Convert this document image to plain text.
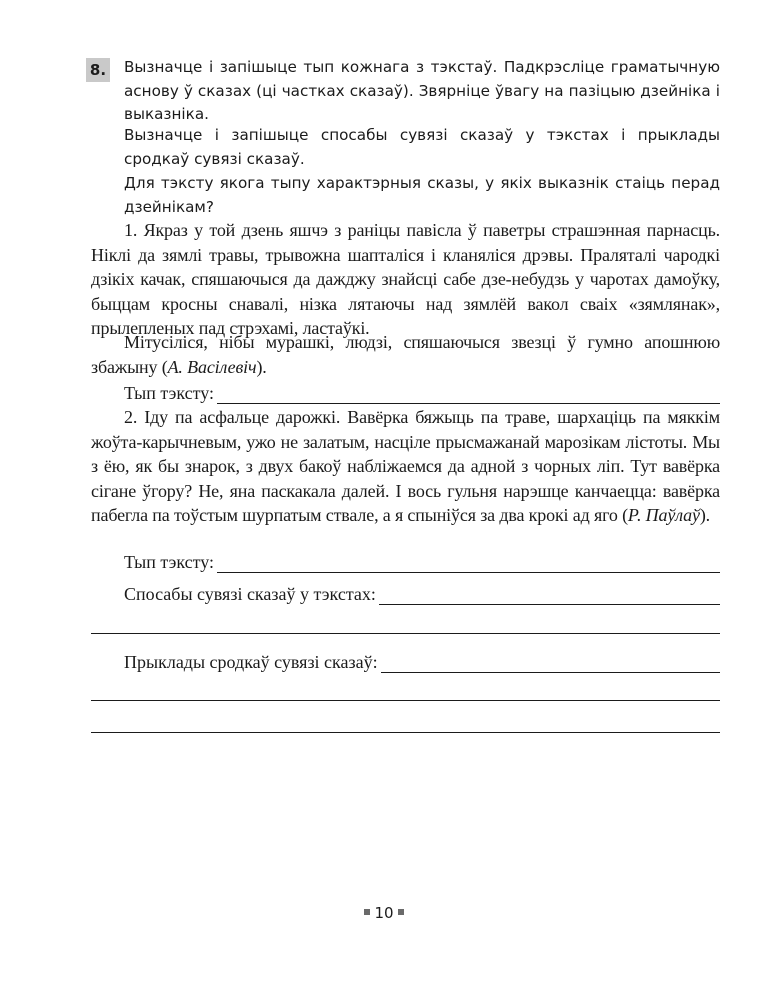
8. Вызначце і запішыце тып кожнага з тэкстаў. Падкрэсліце граматычную аснову ў сказах (ці частках сказаў). Звярніце ўвагу на пазіцыю дзейніка і выказніка.

Вызначце і запішыце спосабы сувязі сказаў у тэкстах і прыклады сродкаў сувязі сказаў.

Для тэксту якога тыпу характэрныя сказы, у якіх выказнік стаіць перад дзейнікам?

1. Якраз у той дзень яшчэ з раніцы павісла ў паветры страшэнная парнасць. Ніклі да зямлі травы, трывожна шапталіся і кланяліся дрэвы. Праляталі чародкі дзікіх качак, спяшаючыся да дажджу знайсці сабе дзе-небудзь у чаротах дамоўку, быццам кросны снавалі, нізка лятаючы над зямлёй вакол сваіх «зямлянак», прылепленых пад стрэхамі, ластаўкі.

Мітусіліся, нібы мурашкі, людзі, спяшаючыся звезці ў гумно апошнюю збажыну (А. Васілевіч).

Тып тэксту:

2. Іду па асфальце дарожкі. Вавёрка бяжыць па траве, шархаціць па мяккім жоўта-карычневым, ужо не залатым, насціле прысмажанай марозікам лістоты. Мы з ёю, як бы знарок, з двух бакоў набліжаемся да адной з чорных ліп. Тут вавёрка сігане ўгору? Не, яна паскакала далей. І вось гульня нарэшце канчаецца: вавёрка пабегла па тоўстым шурпатым ствале, а я спыніўся за два крокі ад яго (Р. Паўлаў).

Тып тэксту:
Спосабы сувязі сказаў у тэкстах:
Прыклады сродкаў сувязі сказаў:
10
